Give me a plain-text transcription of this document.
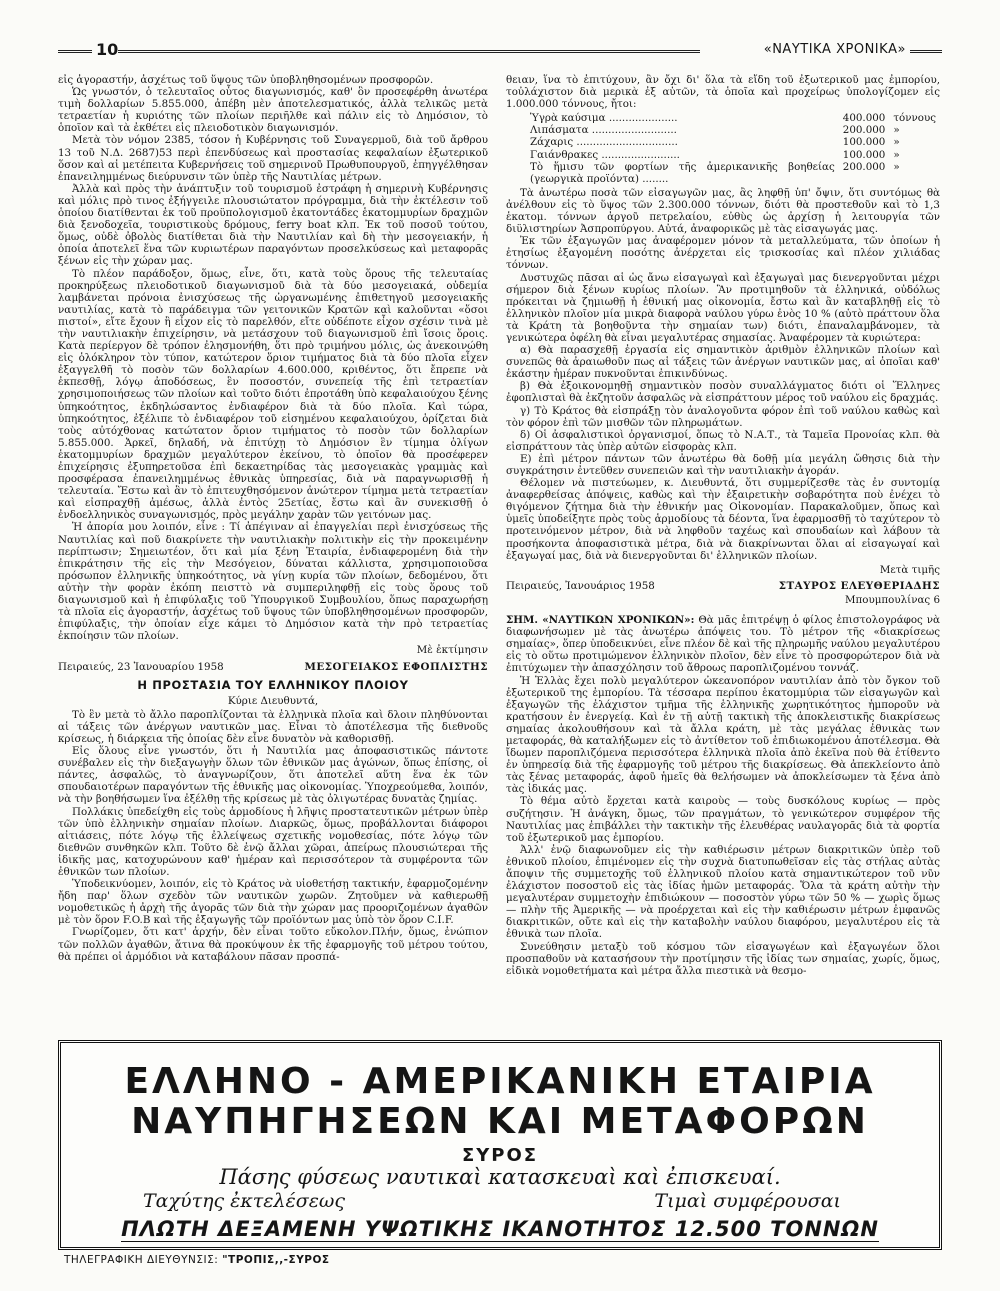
10	«ΝΑΥΤΙΚΑ ΧΡΟΝΙΚΑ»

εἰς ἀγοραστήν, ἀσχέτως τοῦ ὕψους τῶν ὑποβληθησομένων προσφορῶν.

Ὡς γνωστόν, ὁ τελευταῖος οὗτος διαγωνισμός, καθ' ὃν προσεφέρθη ἀνωτέρα τιμὴ δολλαρίων 5.855.000, ἀπέβη μὲν ἀποτελεσματικός, ἀλλὰ τελικῶς μετὰ τετραετίαν ἡ κυριότης τῶν πλοίων περιῆλθε καὶ πάλιν εἰς τὸ Δημόσιον, τὸ ὁποῖον καὶ τὰ ἐκθέτει εἰς πλειοδοτικὸν διαγωνισμόν.

Μετὰ τὸν νόμον 2385, τόσον ἡ Κυβέρνησις τοῦ Συναγερμοῦ, διὰ τοῦ ἄρθρου 13 τοῦ Ν.Δ. 2687)53 περὶ ἐπενδύσεως καὶ προστασίας κεφαλαίων ἐξωτερικοῦ ὅσον καὶ αἱ μετέπειτα Κυβερνήσεις τοῦ σημερινοῦ Πρωθυπουργοῦ, ἐπηγγέλθησαν ἐπανειλημμένως διεύρυνσιν τῶν ὑπὲρ τῆς Ναυτιλίας μέτρων.

Ἀλλὰ καὶ πρὸς τὴν ἀνάπτυξιν τοῦ τουρισμοῦ ἐστράφη ἡ σημερινὴ Κυβέρνησις καὶ μόλις πρὸ τινος ἐξήγγειλε πλουσιώτατον πρόγραμμα, διὰ τὴν ἐκτέλεσιν τοῦ ὁποίου διατίθενται ἐκ τοῦ προϋπολογισμοῦ ἑκατοντάδες ἑκατομμυρίων δραχμῶν διὰ ξενοδοχεῖα, τουριστικοὺς δρόμους, ferry boat κλπ. Ἐκ τοῦ ποσοῦ τούτου, ὅμως, οὐδὲ ὀβολὸς διατίθεται διὰ τὴν Ναυτιλίαν καὶ δὴ τὴν μεσογειακήν, ἡ ὁποία ἀποτελεῖ ἕνα τῶν κυριωτέρων παραγόντων προσελκύσεως καὶ μεταφορᾶς ξένων εἰς τὴν χώραν μας.

Τὸ πλέον παράδοξον, ὅμως, εἶνε, ὅτι, κατὰ τοὺς ὅρους τῆς τελευταίας προκηρύξεως πλειοδοτικοῦ διαγωνισμοῦ διὰ τὰ δύο μεσογειακά, οὐδεμία λαμβάνεται πρόνοια ἐνισχύσεως τῆς ὠργανωμένης ἐπιθετηγοῦ μεσογειακῆς ναυτιλίας, κατὰ τὸ παράδειγμα τῶν γειτονικῶν Κρατῶν καὶ καλοῦνται «ὅσοι πιστοί», εἴτε ἔχουν ἢ εἶχον εἰς τὸ παρελθόν, εἴτε οὐδέποτε εἶχον σχέσιν τινὰ μὲ τὴν ναυτιλιακὴν ἐπιχείρησιν, νὰ μετάσχουν τοῦ διαγωνισμοῦ ἐπὶ ἴσοις ὅροις. Κατὰ περίεργον δὲ τρόπον ἐλησμονήθη, ὅτι πρὸ τριμήνου μόλις, ὡς ἀνεκοινώθη εἰς ὁλόκληρον τὸν τύπον, κατώτερον ὅριον τιμήματος διὰ τὰ δύο πλοῖα εἶχεν ἐξαγγελθῆ τὸ ποσὸν τῶν δολλαρίων 4.600.000, κριθέντος, ὅτι ἔπρεπε νὰ ἐκπεσθῇ, λόγῳ ἀποδόσεως, ἓν ποσοστόν, συνεπείᾳ τῆς ἐπὶ τετραετίαν χρησιμοποιήσεως τῶν πλοίων καὶ τοῦτο διότι ἐπροτάθη ὑπὸ κεφαλαιούχου ξένης ὑπηκοότητος, ἐκδηλώσαντος ἐνδιαφέρον διὰ τὰ δύο πλοῖα. Καὶ τώρα, ὑπηκοότητος, ἐξέλιπε τὸ ἐνδιαφέρον τοῦ εἰσημένου κεφαλαιούχου, ὁρίζεται διὰ τοὺς αὐτόχθονας κατώτατον ὅριον τιμήματος τὸ ποσὸν τῶν δολλαρίων 5.855.000. Ἀρκεῖ, δηλαδή, νὰ ἐπιτύχῃ τὸ Δημόσιον ἓν τίμημα ὀλίγων ἑκατομμυρίων δραχμῶν μεγαλύτερον ἐκείνου, τὸ ὁποῖον θὰ προσέφερεν ἐπιχείρησις ἐξυπηρετοῦσα ἐπὶ δεκαετηρίδας τὰς μεσογειακὰς γραμμὰς καὶ προσφέρασα ἐπανειλημμένως ἐθνικὰς ὑπηρεσίας, διὰ νὰ παραγνωρισθῇ ἡ τελευταία. Ἔστω καὶ ἂν τὸ ἐπιτευχθησόμενον ἀνώτερον τίμημα μετὰ τετραετίαν καὶ εἰσπραχθῇ ἀμέσως, ἀλλὰ ἐντὸς 25ετίας, ἔστω καὶ ἂν συνεκισθῇ ὁ ἐνδοελληνικὸς συναγωνισμός, πρὸς μεγάλην χαρὰν τῶν γειτόνων μας.

Ἡ ἀπορία μου λοιπόν, εἶνε : Τί ἀπέγιναν αἱ ἐπαγγελίαι περὶ ἐνισχύσεως τῆς Ναυτιλίας καὶ ποῦ διακρίνετε τὴν ναυτιλιακὴν πολιτικὴν εἰς τὴν προκειμένην περίπτωσιν; Σημειωτέον, ὅτι καὶ μία ξένη Ἑταιρία, ἐνδιαφερομένη διὰ τὴν ἐπικράτησιν τῆς εἰς τὴν Μεσόγειον, δύναται κάλλιστα, χρησιμοποιοῦσα πρόσωπον ἑλληνικῆς ὑπηκοότητος, νὰ γίνῃ κυρία τῶν πλοίων, δεδομένου, ὅτι αὐτὴν τὴν φορὰν ἐκόπη πεισττὸ νὰ συμπεριληφθῇ εἰς τοὺς ὅρους τοῦ διαγωνισμοῦ καὶ ἡ ἐπιφύλαξις τοῦ Ὑπουργικοῦ Συμβουλίου, ὅπως παραχωρήσῃ τὰ πλοῖα εἰς ἀγοραστήν, ἀσχέτως τοῦ ὕψους τῶν ὑποβληθησομένων προσφορῶν, ἐπιφύλαξις, τὴν ὁποίαν εἶχε κάμει τὸ Δημόσιον κατὰ τὴν πρὸ τετραετίας ἐκποίησιν τῶν πλοίων.

Μὲ ἐκτίμησιν

Πειραιεύς, 23 Ἰανουαρίου 1958	ΜΕΣΟΓΕΙΑΚΟΣ ΕΦΟΠΛΙΣΤΗΣ
Η ΠΡΟΣΤΑΣΙΑ ΤΟΥ ΕΛΛΗΝΙΚΟΥ ΠΛΟΙΟΥ
Κύριε Διευθυντά,

Τὸ ἓν μετὰ τὸ ἄλλο παροπλίζονται τὰ ἑλληνικὰ πλοῖα καὶ δλοιν πληθύνονται αἱ τάξεις τῶν ἀνέργων ναυτικῶν μας. Εἶναι τὸ ἀποτέλεσμα τῆς διεθνοῦς κρίσεως, ἡ διάρκεια τῆς ὁποίας δὲν εἶνε δυνατὸν νὰ καθορισθῇ.

Εἰς ὅλους εἶνε γνωστόν, ὅτι ἡ Ναυτιλία μας ἀποφασιστικῶς πάντοτε συνέβαλεν εἰς τὴν διεξαγωγὴν ὅλων τῶν ἐθνικῶν μας ἀγώνων, ὅπως ἐπίσης, οἱ πάντες, ἀσφαλῶς, τὸ ἀναγνωρίζουν, ὅτι ἀποτελεῖ αὕτη ἕνα ἐκ τῶν σπουδαιοτέρων παραγόντων τῆς ἐθνικῆς μας οἰκονομίας. Ὑποχρεούμεθα, λοιπόν, νὰ τὴν βοηθήσωμεν ἵνα ἐξέλθῃ τῆς κρίσεως μὲ τὰς ὀλιγωτέρας δυνατὰς ζημίας.

Πολλάκις ὑπεδείχθη εἰς τοὺς ἁρμοδίους ἡ λῆψις προστατευτικῶν μέτρων ὑπὲρ τῶν ὑπὸ ἑλληνικὴν σημαίαν πλοίων. Διαρκῶς, ὅμως, προβάλλονται διάφοροι αἰτιάσεις, πότε λόγῳ τῆς ἐλλείψεως σχετικῆς νομοθεσίας, πότε λόγῳ τῶν διεθνῶν συνθηκῶν κλπ. Τοῦτο δὲ ἐνῷ ἄλλαι χῶραι, ἀπείρως πλουσιώτεραι τῆς ἰδικῆς μας, κατοχυρώνουν καθ' ἡμέραν καὶ περισσότερον τὰ συμφέροντα τῶν ἐθνικῶν των πλοίων.

Ὑποδεικνύομεν, λοιπόν, εἰς τὸ Κράτος νὰ υἱοθετήσῃ τακτικήν, ἐφαρμοζομένην ἤδη παρ' ὅλων σχεδὸν τῶν ναυτικῶν χωρῶν. Ζητοῦμεν νὰ καθιερωθῇ νομοθετικῶς ἡ ἀρχὴ τῆς ἀγορᾶς τῶν διὰ τὴν χώραν μας προοριζομένων ἀγαθῶν μὲ τὸν ὅρον F.O.B καὶ τῆς ἐξαγωγῆς τῶν προϊόντων μας ὑπὸ τὸν ὅρον C.I.F.

Γνωρίζομεν, ὅτι κατ' ἀρχήν, δὲν εἶναι τοῦτο εὔκολον.Πλήν, ὅμως, ἐνώπιον τῶν πολλῶν ἀγαθῶν, ἅτινα θὰ προκύψουν ἐκ τῆς ἐφαρμογῆς τοῦ μέτρου τούτου, θὰ πρέπει οἱ ἁρμόδιοι νὰ καταβάλουν πᾶσαν προσπά-

θειαν, ἵνα τὸ ἐπιτύχουν, ἂν ὄχι δι' ὅλα τὰ εἴδη τοῦ ἐξωτερικοῦ μας ἐμπορίου, τοὐλάχιστον διὰ μερικὰ ἐξ αὐτῶν, τὰ ὁποῖα καὶ προχείρως ὑπολογίζομεν εἰς 1.000.000 τόννους, ἤτοι:

Ὑγρὰ καύσιμα .....................	400.000	τόννους
Λιπάσματα ..........................	200.000	»
Ζάχαρις ...............................	100.000	»
Γαιάνθρακες ........................	100.000	»
Τὸ ἥμισυ τῶν φορτίων τῆς ἀμερικανικῆς βοηθείας (γεωργικὰ προϊόντα) ........	200.000	»

Τὰ ἀνωτέρω ποσὰ τῶν εἰσαγωγῶν μας, ἂς ληφθῇ ὑπ' ὄψιν, ὅτι συντόμως θὰ ἀνέλθουν εἰς τὸ ὕψος τῶν 2.300.000 τόννων, διότι θὰ προστεθοῦν καὶ τὸ 1,3 ἑκατομ. τόννων ἀργοῦ πετρελαίου, εὐθὺς ὡς ἀρχίσῃ ἡ λειτουργία τῶν διϋλιστηρίων Ἀσπροπύργου. Αὐτά, ἀναφορικῶς μὲ τὰς εἰσαγωγάς μας.

Ἐκ τῶν ἐξαγωγῶν μας ἀναφέρομεν μόνον τὰ μεταλλεύματα, τῶν ὁποίων ἡ ἐτησίως ἐξαγομένη ποσότης ἀνέρχεται εἰς τρισκοσίας καὶ πλέον χιλιάδας τόννων.

Δυστυχῶς πᾶσαι αἱ ὡς ἄνω εἰσαγωγαὶ καὶ ἐξαγωγαὶ μας διενεργοῦνται μέχρι σήμερον διὰ ξένων κυρίως πλοίων. Ἂν προτιμηθοῦν τὰ ἑλληνικά, οὐδόλως πρόκειται νὰ ζημιωθῇ ἡ ἐθνική μας οἰκονομία, ἔστω καὶ ἂν καταβληθῇ εἰς τὸ ἑλληνικὸν πλοῖον μία μικρὰ διαφορὰ ναύλου γύρω ἐνὸς 10 % (αὐτὸ πράττουν ὅλα τὰ Κράτη τὰ βοηθοῦντα τὴν σημαίαν των) διότι, ἐπαναλαμβάνομεν, τὰ γενικώτερα ὀφέλη θὰ εἶναι μεγαλυτέρας σημασίας. Ἀναφέρομεν τὰ κυριώτερα:

α) Θὰ παρασχεθῇ ἐργασία εἰς σημαντικὸν ἀριθμὸν ἑλληνικῶν πλοίων καὶ συνεπῶς θὰ ἀραιωθοῦν πως αἱ τάξεις τῶν ἀνέργων ναυτικῶν μας, αἱ ὁποῖαι καθ' ἑκάστην ἡμέραν πυκνοῦνται ἐπικινδύνως.

β) Θὰ ἐξοικονομηθῇ σημαντικὸν ποσὸν συναλλάγματος διότι οἱ Ἕλληνες ἐφοπλισταὶ θὰ ἐκζητοῦν ἀσφαλῶς νὰ εἰσπράττουν μέρος τοῦ ναύλου εἰς δραχμάς.

γ) Τὸ Κράτος θὰ εἰσπράξῃ τὸν ἀναλογοῦντα φόρον ἐπὶ τοῦ ναύλου καθὼς καὶ τὸν φόρον ἐπὶ τῶν μισθῶν τῶν πληρωμάτων.

δ) Οἱ ἀσφαλιστικοὶ ὀργανισμοί, ὅπως τὸ Ν.Α.Τ., τὰ Ταμεῖα Προνοίας κλπ. θὰ εἰσπράττουν τὰς ὑπὲρ αὐτῶν εἰσφορὰς κλπ.

Ε) ἐπὶ μέτρον πάντων τῶν ἀνωτέρω θὰ δοθῇ μία μεγάλη ὤθησις διὰ τὴν συγκράτησιν ἐντεῦθεν συνεπειῶν καὶ τὴν ναυτιλιακὴν ἀγοράν.

Θέλομεν νὰ πιστεύωμεν, κ. Διευθυντά, ὅτι συμμερίζεσθε τὰς ἐν συντομίᾳ ἀναφερθείσας ἀπόψεις, καθὼς καὶ τὴν ἐξαιρετικὴν σοβαρότητα ποὺ ἐνέχει τὸ θιγόμενον ζήτημα διὰ τὴν ἐθνικήν μας Οἰκονομίαν. Παρακαλοῦμεν, ὅπως καὶ ὑμεῖς ὑποδείξητε πρὸς τοὺς ἁρμοδίους τὰ δέοντα, ἵνα ἐφαρμοσθῇ τὸ ταχύτερον τὸ προτεινόμενον μέτρον, διὰ νὰ ληφθοῦν ταχέως καὶ σπουδαίων καὶ λάβουν τὰ προσήκοντα ἀποφασιστικὰ μέτρα, διὰ νὰ διακρίνωνται ὅλαι αἱ εἰσαγωγαί καὶ ἐξαγωγαί μας, διὰ νὰ διενεργοῦνται δι' ἑλληνικῶν πλοίων.

Μετὰ τιμῆς

Πειραιεύς, Ἰανουάριος 1958	ΣΤΑΥΡΟΣ ΕΛΕΥΘΕΡΙΑΔΗΣ

Μπουμπουλίνας 6

ΣΗΜ. «ΝΑΥΤΙΚΩΝ ΧΡΟΝΙΚΩΝ»: Θὰ μᾶς ἐπιτρέψῃ ὁ φίλος ἐπιστολογράφος νὰ διαφωνήσωμεν μὲ τὰς ἀνωτέρω ἀπόψεις του. Τὸ μέτρον τῆς «διακρίσεως σημαίας», ὅπερ ὑποδεικνύει, εἶνε πλέον δὲ καὶ τῆς πληρωμῆς ναύλου μεγαλυτέρου εἰς τὸ οὕτω προτιμώμενον ἑλληνικὸν πλοῖον, δὲν εἶνε τὸ προσφορώτερον διὰ νὰ ἐπιτύχωμεν τὴν ἀπασχόλησιν τοῦ ἄθροως παροπλιζομένου τοννάζ.

Ἡ Ἑλλὰς ἔχει πολὺ μεγαλύτερον ὠκεανοπόρον ναυτιλίαν ἀπὸ τὸν ὄγκον τοῦ ἐξωτερικοῦ της ἐμπορίου. Τὰ τέσσαρα περίπου ἑκατομμύρια τῶν εἰσαγωγῶν καὶ ἐξαγωγῶν τῆς ἐλάχιστον τμῆμα τῆς ἑλληνικῆς χωρητικότητος ἡμποροῦν νὰ κρατήσουν ἐν ἐνεργείᾳ. Καὶ ἐν τῇ αὐτῇ τακτικὴ τῆς ἀποκλειστικῆς διακρίσεως σημαίας ἀκολουθήσουν καὶ τὰ ἄλλα κράτη, μὲ τὰς μεγάλας ἐθνικὰς των μεταφοράς, θὰ καταλήξωμεν εἰς τὸ ἀντίθετον τοῦ ἐπιδιωκομένου ἀποτέλεσμα. Θὰ ἴδωμεν παροπλιζόμενα περισσότερα ἑλληνικὰ πλοῖα ἀπὸ ἐκεῖνα ποὺ θὰ ἐτίθεντο ἐν ὑπηρεσίᾳ διὰ τῆς ἐφαρμογῆς τοῦ μέτρου τῆς διακρίσεως. Θὰ ἀπεκλείοντο ἀπὸ τὰς ξένας μεταφοράς, ἀφοῦ ἡμεῖς θὰ θελήσωμεν νὰ ἀποκλείσωμεν τὰ ξένα ἀπὸ τὰς ἰδικάς μας.

Τὸ θέμα αὐτὸ ἔρχεται κατὰ καιροὺς — τοὺς δυσκόλους κυρίως — πρὸς συζήτησιν. Ἡ ἀνάγκη, ὅμως, τῶν πραγμάτων, τὸ γενικώτερον συμφέρον τῆς Ναυτιλίας μας ἐπιβάλλει τὴν τακτικὴν τῆς ἐλευθέρας ναυλαγορᾶς διὰ τὰ φορτία τοῦ ἐξωτερικοῦ μας ἐμπορίου.

Ἀλλ' ἐνῷ διαφωνοῦμεν εἰς τὴν καθιέρωσιν μέτρων διακριτικῶν ὑπὲρ τοῦ ἐθνικοῦ πλοίου, ἐπιμένομεν εἰς τὴν συχνὰ διατυπωθεῖσαν εἰς τὰς στήλας αὐτὰς ἄποψιν τῆς συμμετοχῆς τοῦ ἑλληνικοῦ πλοίου κατὰ σημαντικώτερον τοῦ νῦν ἐλάχιστον ποσοστοῦ εἰς τὰς ἰδίας ἡμῶν μεταφοράς. Ὅλα τὰ κράτη αὐτὴν τὴν μεγαλυτέραν συμμετοχὴν ἐπιδιώκουν — ποσοστὸν γύρω τῶν 50 % — χωρὶς ὅμως — πλὴν τῆς Ἀμερικῆς — νὰ προέρχεται καὶ εἰς τὴν καθιέρωσιν μέτρων ἐμφανῶς διακριτικῶν, οὔτε καὶ εἰς τὴν καταβολὴν ναύλου διαφόρου, μεγαλυτέρου εἰς τὰ ἐθνικὰ των πλοῖα.

Συνεύθησιν μεταξὺ τοῦ κόσμου τῶν εἰσαγωγέων καὶ ἐξαγωγέων ὅλοι προσπαθοῦν νὰ κατασήσουν τὴν προτίμησιν τῆς ἰδίας των σημαίας, χωρίς, ὅμως, εἰδικὰ νομοθετήματα καὶ μέτρα ἄλλα πιεστικὰ νὰ θεσμο-

ΕΛΛΗΝΟ - ΑΜΕΡΙΚΑΝΙΚΗ ΕΤΑΙΡΙΑ
ΝΑΥΠΗΓΗΣΕΩΝ ΚΑΙ ΜΕΤΑΦΟΡΩΝ
ΣΥΡΟΣ
Πάσης φύσεως ναυτικαὶ κατασκευαὶ καὶ ἐπισκευαί.
Ταχύτης ἐκτελέσεως	Τιμαὶ συμφέρουσαι
ΠΛΩΤΗ ΔΕΞΑΜΕΝΗ ΥΨΩΤΙΚΗΣ ΙΚΑΝΟΤΗΤΟΣ 12.500 ΤΟΝΝΩΝ
ΤΗΛΕΓΡΑΦΙΚΗ ΔΙΕΥΘΥΝΣΙΣ: "ΤΡΟΠΙΣ,,-ΣΥΡΟΣ
